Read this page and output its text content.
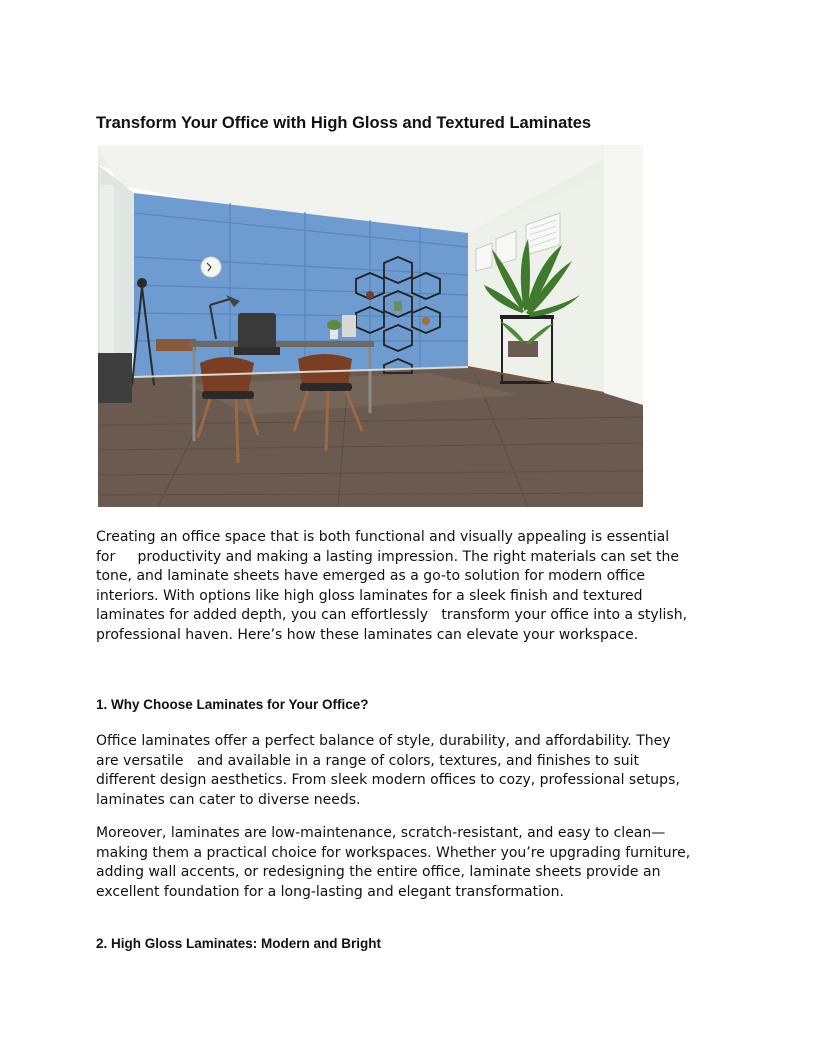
Transform Your Office with High Gloss and Textured Laminates

Creating an office space that is both functional and visually appealing is essential
for     productivity and making a lasting impression. The right materials can set the
tone, and laminate sheets have emerged as a go-to solution for modern office
interiors. With options like high gloss laminates for a sleek finish and textured
laminates for added depth, you can effortlessly   transform your office into a stylish,
professional haven. Here’s how these laminates can elevate your workspace.

1. Why Choose Laminates for Your Office?

Office laminates offer a perfect balance of style, durability, and affordability. They
are versatile   and available in a range of colors, textures, and finishes to suit
different design aesthetics. From sleek modern offices to cozy, professional setups,
laminates can cater to diverse needs.

Moreover, laminates are low-maintenance, scratch-resistant, and easy to clean—
making them a practical choice for workspaces. Whether you’re upgrading furniture,
adding wall accents, or redesigning the entire office, laminate sheets provide an
excellent foundation for a long-lasting and elegant transformation.

2. High Gloss Laminates: Modern and Bright
